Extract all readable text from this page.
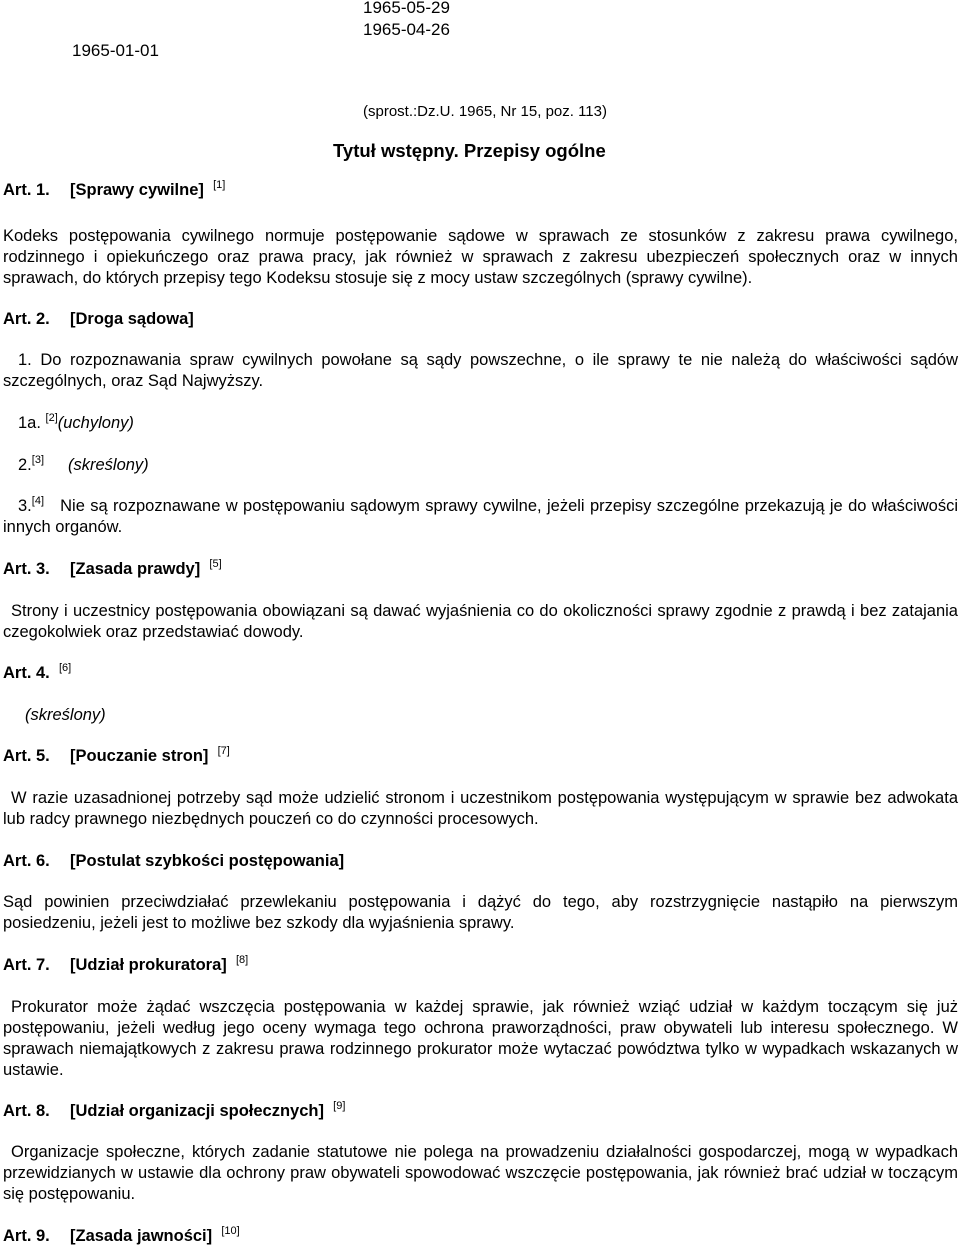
1965-05-29
1965-04-26
1965-01-01
(sprost.:Dz.U. 1965, Nr 15, poz. 113)
Tytuł wstępny. Przepisy ogólne
Art. 1. [Sprawy cywilne] [1]
Kodeks postępowania cywilnego normuje postępowanie sądowe w sprawach ze stosunków z zakresu prawa cywilnego, rodzinnego i opiekuńczego oraz prawa pracy, jak również w sprawach z zakresu ubezpieczeń społecznych oraz w innych sprawach, do których przepisy tego Kodeksu stosuje się z mocy ustaw szczególnych (sprawy cywilne).
Art. 2. [Droga sądowa]
1. Do rozpoznawania spraw cywilnych powołane są sądy powszechne, o ile sprawy te nie należą do właściwości sądów szczególnych, oraz Sąd Najwyższy.
1a. [2](uchylony)
2.[3] (skreślony)
3.[4] Nie są rozpoznawane w postępowaniu sądowym sprawy cywilne, jeżeli przepisy szczególne przekazują je do właściwości innych organów.
Art. 3. [Zasada prawdy] [5]
Strony i uczestnicy postępowania obowiązani są dawać wyjaśnienia co do okoliczności sprawy zgodnie z prawdą i bez zatajania czegokolwiek oraz przedstawiać dowody.
Art. 4. [6]
(skreślony)
Art. 5. [Pouczanie stron] [7]
W razie uzasadnionej potrzeby sąd może udzielić stronom i uczestnikom postępowania występującym w sprawie bez adwokata lub radcy prawnego niezbędnych pouczeń co do czynności procesowych.
Art. 6. [Postulat szybkości postępowania]
Sąd powinien przeciwdziałać przewlekaniu postępowania i dążyć do tego, aby rozstrzygnięcie nastąpiło na pierwszym posiedzeniu, jeżeli jest to możliwe bez szkody dla wyjaśnienia sprawy.
Art. 7. [Udział prokuratora] [8]
Prokurator może żądać wszczęcia postępowania w każdej sprawie, jak również wziąć udział w każdym toczącym się już postępowaniu, jeżeli według jego oceny wymaga tego ochrona praworządności, praw obywateli lub interesu społecznego. W sprawach niemajątkowych z zakresu prawa rodzinnego prokurator może wytaczać powództwa tylko w wypadkach wskazanych w ustawie.
Art. 8. [Udział organizacji społecznych] [9]
Organizacje społeczne, których zadanie statutowe nie polega na prowadzeniu działalności gospodarczej, mogą w wypadkach przewidzianych w ustawie dla ochrony praw obywateli spowodować wszczęcie postępowania, jak również brać udział w toczącym się postępowaniu.
Art. 9. [Zasada jawności] [10]
